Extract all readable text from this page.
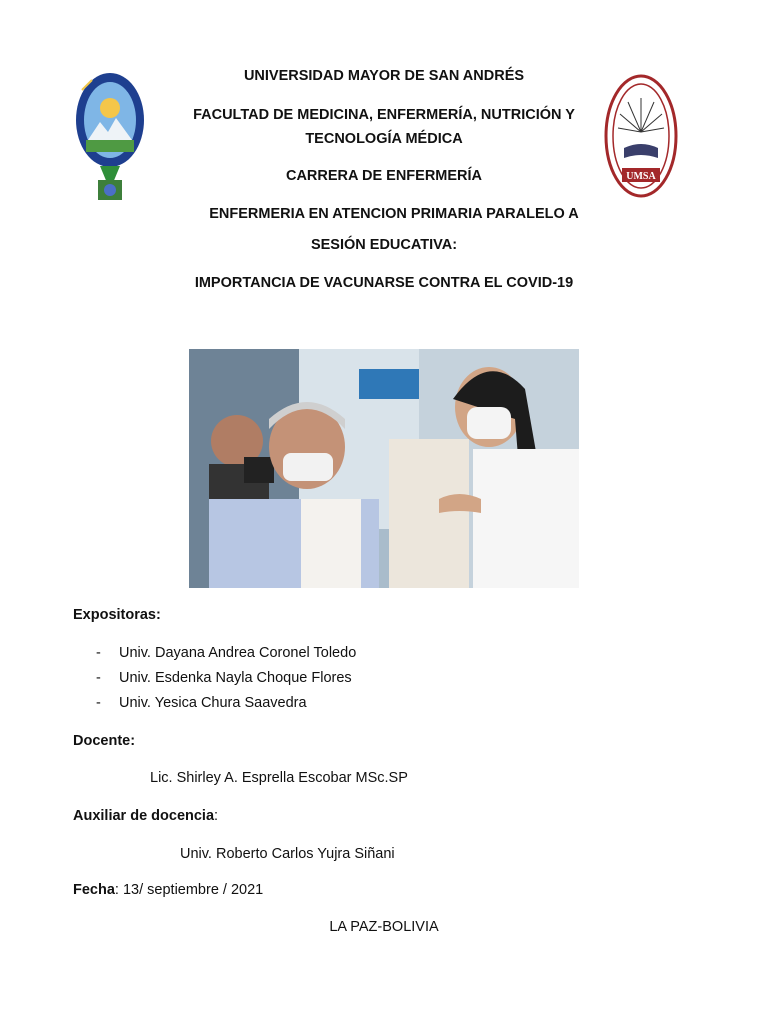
UMSA
UNIVERSIDAD MAYOR DE SAN ANDRÉS
FACULTAD DE MEDICINA, ENFERMERÍA, NUTRICIÓN Y
TECNOLOGÍA MÉDICA
CARRERA DE ENFERMERÍA
ENFERMERIA EN ATENCION PRIMARIA PARALELO A
SESIÓN EDUCATIVA:
IMPORTANCIA DE VACUNARSE CONTRA EL COVID-19
Expositoras:
- Univ. Dayana Andrea Coronel Toledo
- Univ. Esdenka Nayla Choque Flores
- Univ. Yesica Chura Saavedra
Docente:
Lic. Shirley A. Esprella Escobar MSc.SP
Auxiliar de docencia:
Univ. Roberto Carlos Yujra Siñani
Fecha: 13/ septiembre / 2021
LA PAZ-BOLIVIA
